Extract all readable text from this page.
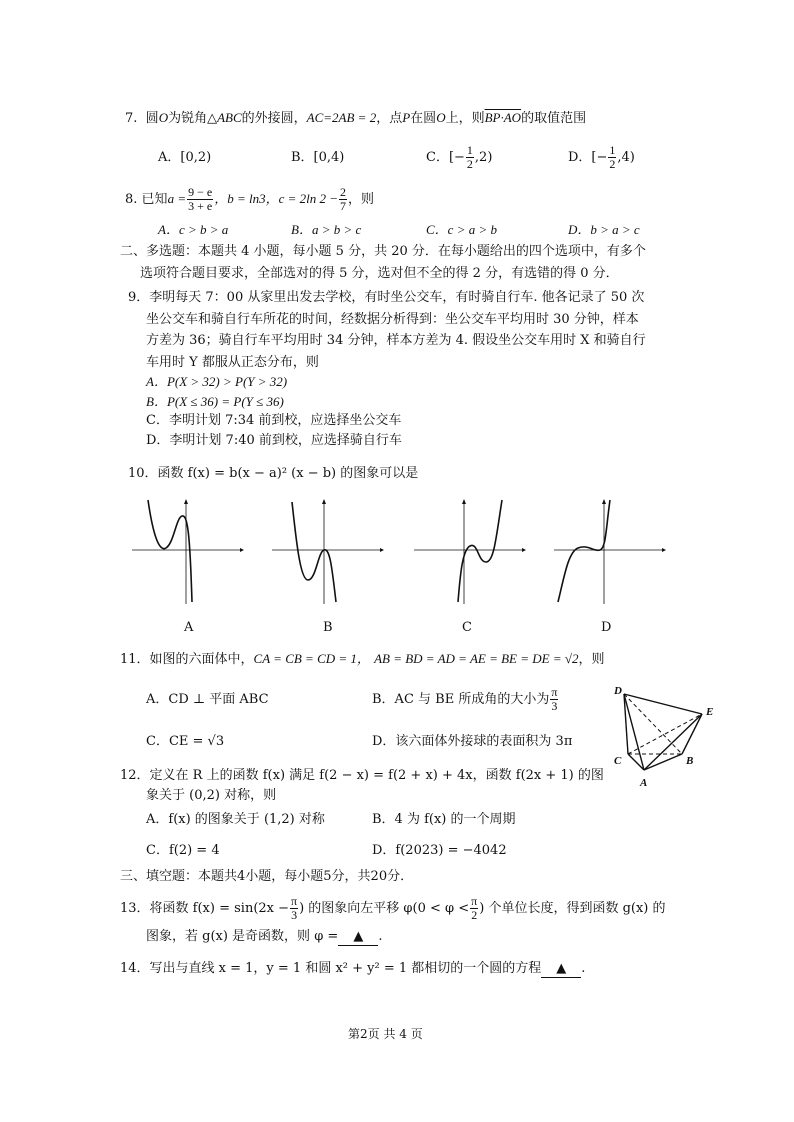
7. 圆O为锐角△ABC的外接圆，AC=2AB = 2，点P在圆O上，则BP·AO的取值范围
A．[0,2)	B．[0,4)	C．[− $\frac{1}{2} ,2$)	D．[− $\frac{1}{2} ,4$)
8. 已知$a = \frac{9 - e}{3 + e}$ ，b = ln3，c = 2ln $2 - \frac{2}{7}$ ，则
A．c > b > a	B．a > b > c	C．c > a > b	D．b > a > c
二、多选题：本题共 4 小题，每小题 5 分，共 20 分．在每小题给出的四个选项中，有多个
选项符合题目要求，全部选对的得 5 分，选对但不全的得 2 分，有选错的得 0 分．
9．李明每天 7：00 从家里出发去学校，有时坐公交车，有时骑自行车. 他各记录了 50 次
坐公交车和骑自行车所花的时间，经数据分析得到：坐公交车平均用时 30 分钟，样本
方差为 36；骑自行车平均用时 34 分钟，样本方差为 4. 假设坐公交车用时 X 和骑自行
车用时 Y 都服从正态分布，则
A．P(X > 32) > P(Y > 32)
B．P(X ≤ 36) = P(Y ≤ 36)
C．李明计划 7:34 前到校，应选择坐公交车
D．李明计划 7:40 前到校，应选择骑自行车
10．函数 f(x) = b(x − a)² (x − b) 的图象可以是
A	B	C	D
11．如图的六面体中，CA = CB = CD = 1， AB = BD = AD = AE = BE = DE = √2，则
A．CD ⊥ 平面 ABC	B．AC 与 BE 所成角的大小为 $\frac{\pi}{3}$
C．CE = √3	D．该六面体外接球的表面积为 3π
D
E
C	B
A
12．定义在 R 上的函数 f(x) 满足 f(2 − x) = f(2 + x) + 4x，函数 f(2x + 1) 的图
象关于 (0,2) 对称，则
A．f(x) 的图象关于 (1,2) 对称	B．4 为 f(x) 的一个周期
C．f(2) = 4	D．f(2023) = −4042
三、填空题：本题共4小题，每小题5分，共20分．
13．将函数 $f(x) = \sin(2x - \frac{\pi}{3}$ ) 的图象向左平移 $\varphi(0 < \varphi < \frac{\pi}{2}$ ) 个单位长度，得到函数 g(x) 的
图象，若 g(x) 是奇函数，则 φ = ▲ .
14．写出与直线 x = 1，y = 1 和圆 x² + y² = 1 都相切的一个圆的方程 ▲ .
第2页 共 4 页
